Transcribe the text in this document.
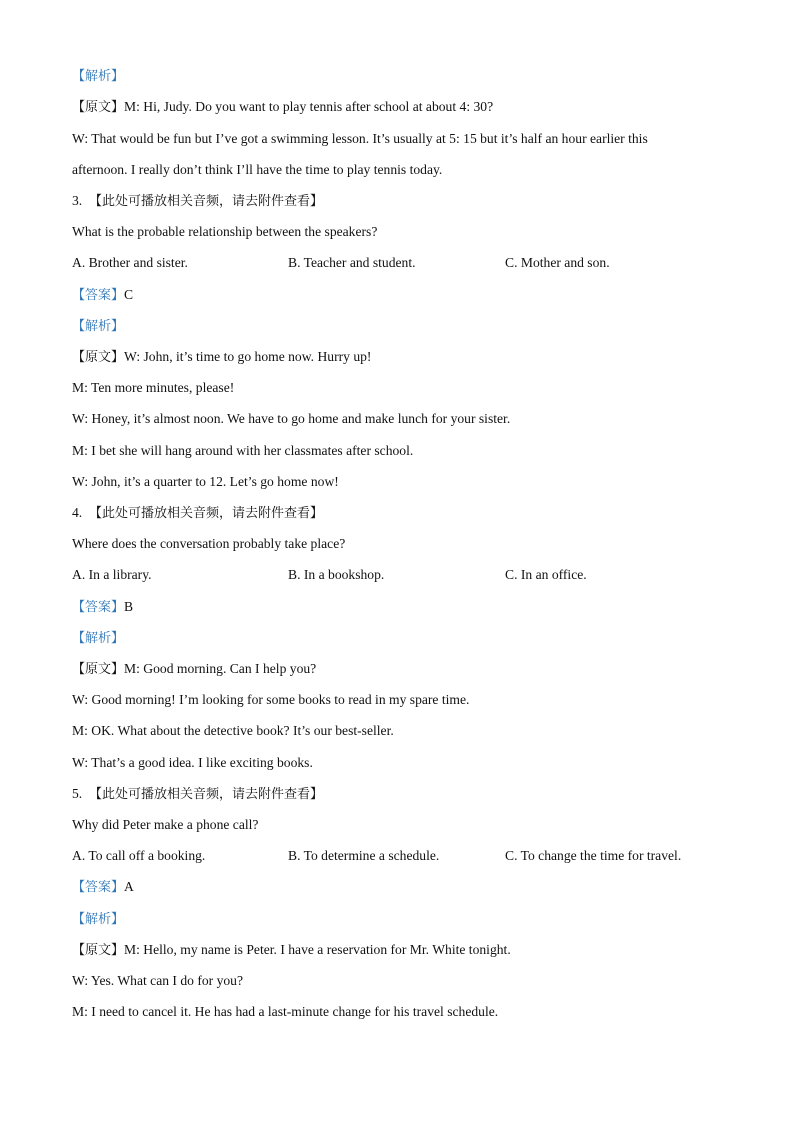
【解析】
【原文】M: Hi, Judy. Do you want to play tennis after school at about 4: 30?
W: That would be fun but I’ve got a swimming lesson. It’s usually at 5: 15 but it’s half an hour earlier this
afternoon. I really don’t think I’ll have the time to play tennis today.
3. 【此处可播放相关音频，请去附件查看】
What is the probable relationship between the speakers?
A. Brother and sister.	B. Teacher and student.	C. Mother and son.
【答案】C
【解析】
【原文】W: John, it’s time to go home now. Hurry up!
M: Ten more minutes, please!
W: Honey, it’s almost noon. We have to go home and make lunch for your sister.
M: I bet she will hang around with her classmates after school.
W: John, it’s a quarter to 12. Let’s go home now!
4. 【此处可播放相关音频，请去附件查看】
Where does the conversation probably take place?
A. In a library.	B. In a bookshop.	C. In an office.
【答案】B
【解析】
【原文】M: Good morning. Can I help you?
W: Good morning! I’m looking for some books to read in my spare time.
M: OK. What about the detective book? It’s our best-seller.
W: That’s a good idea. I like exciting books.
5. 【此处可播放相关音频，请去附件查看】
Why did Peter make a phone call?
A. To call off a booking.	B. To determine a schedule.	C. To change the time for travel.
【答案】A
【解析】
【原文】M: Hello, my name is Peter. I have a reservation for Mr. White tonight.
W: Yes. What can I do for you?
M: I need to cancel it. He has had a last-minute change for his travel schedule.
